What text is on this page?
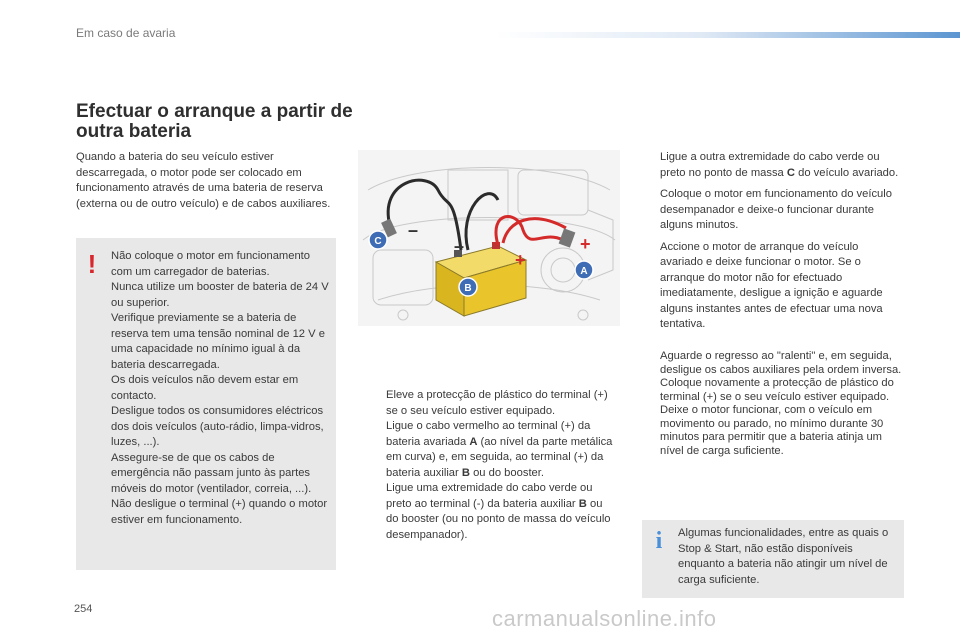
Em caso de avaria
Efectuar o arranque a partir de outra bateria

Quando a bateria do seu veículo estiver descarregada, o motor pode ser colocado em funcionamento através de uma bateria de reserva (externa ou de outro veículo) e de cabos auxiliares.

!	Não coloque o motor em funcionamento com um carregador de baterias.
Nunca utilize um booster de bateria de 24 V ou superior.
Verifique previamente se a bateria de reserva tem uma tensão nominal de 12 V e uma capacidade no mínimo igual à da bateria descarregada.
Os dois veículos não devem estar em contacto.
Desligue todos os consumidores eléctricos dos dois veículos (auto-rádio, limpa-vidros, luzes, ...).
Assegure-se de que os cabos de emergência não passam junto às partes móveis do motor (ventilador, correia, ...).
Não desligue o terminal (+) quando o motor estiver em funcionamento.
–
–
+
+
C
B
A
Eleve a protecção de plástico do terminal (+) se o seu veículo estiver equipado.
Ligue o cabo vermelho ao terminal (+) da bateria avariada A (ao nível da parte metálica em curva) e, em seguida, ao terminal (+) da bateria auxiliar B ou do booster.
Ligue uma extremidade do cabo verde ou preto ao terminal (-) da bateria auxiliar B ou do booster (ou no ponto de massa do veículo desempanador).
Ligue a outra extremidade do cabo verde ou preto no ponto de massa C do veículo avariado.
Coloque o motor em funcionamento do veículo desempanador e deixe-o funcionar durante alguns minutos.
Accione o motor de arranque do veículo avariado e deixe funcionar o motor. Se o arranque do motor não for efectuado imediatamente, desligue a ignição e aguarde alguns instantes antes de efectuar uma nova tentativa.
Aguarde o regresso ao "ralenti" e, em seguida, desligue os cabos auxiliares pela ordem inversa.
Coloque novamente a protecção de plástico do terminal (+) se o seu veículo estiver equipado.
Deixe o motor funcionar, com o veículo em movimento ou parado, no mínimo durante 30 minutos para permitir que a bateria atinja um nível de carga suficiente.
i	Algumas funcionalidades, entre as quais o Stop & Start, não estão disponíveis enquanto a bateria não atingir um nível de carga suficiente.
254	carmanualsonline.info
